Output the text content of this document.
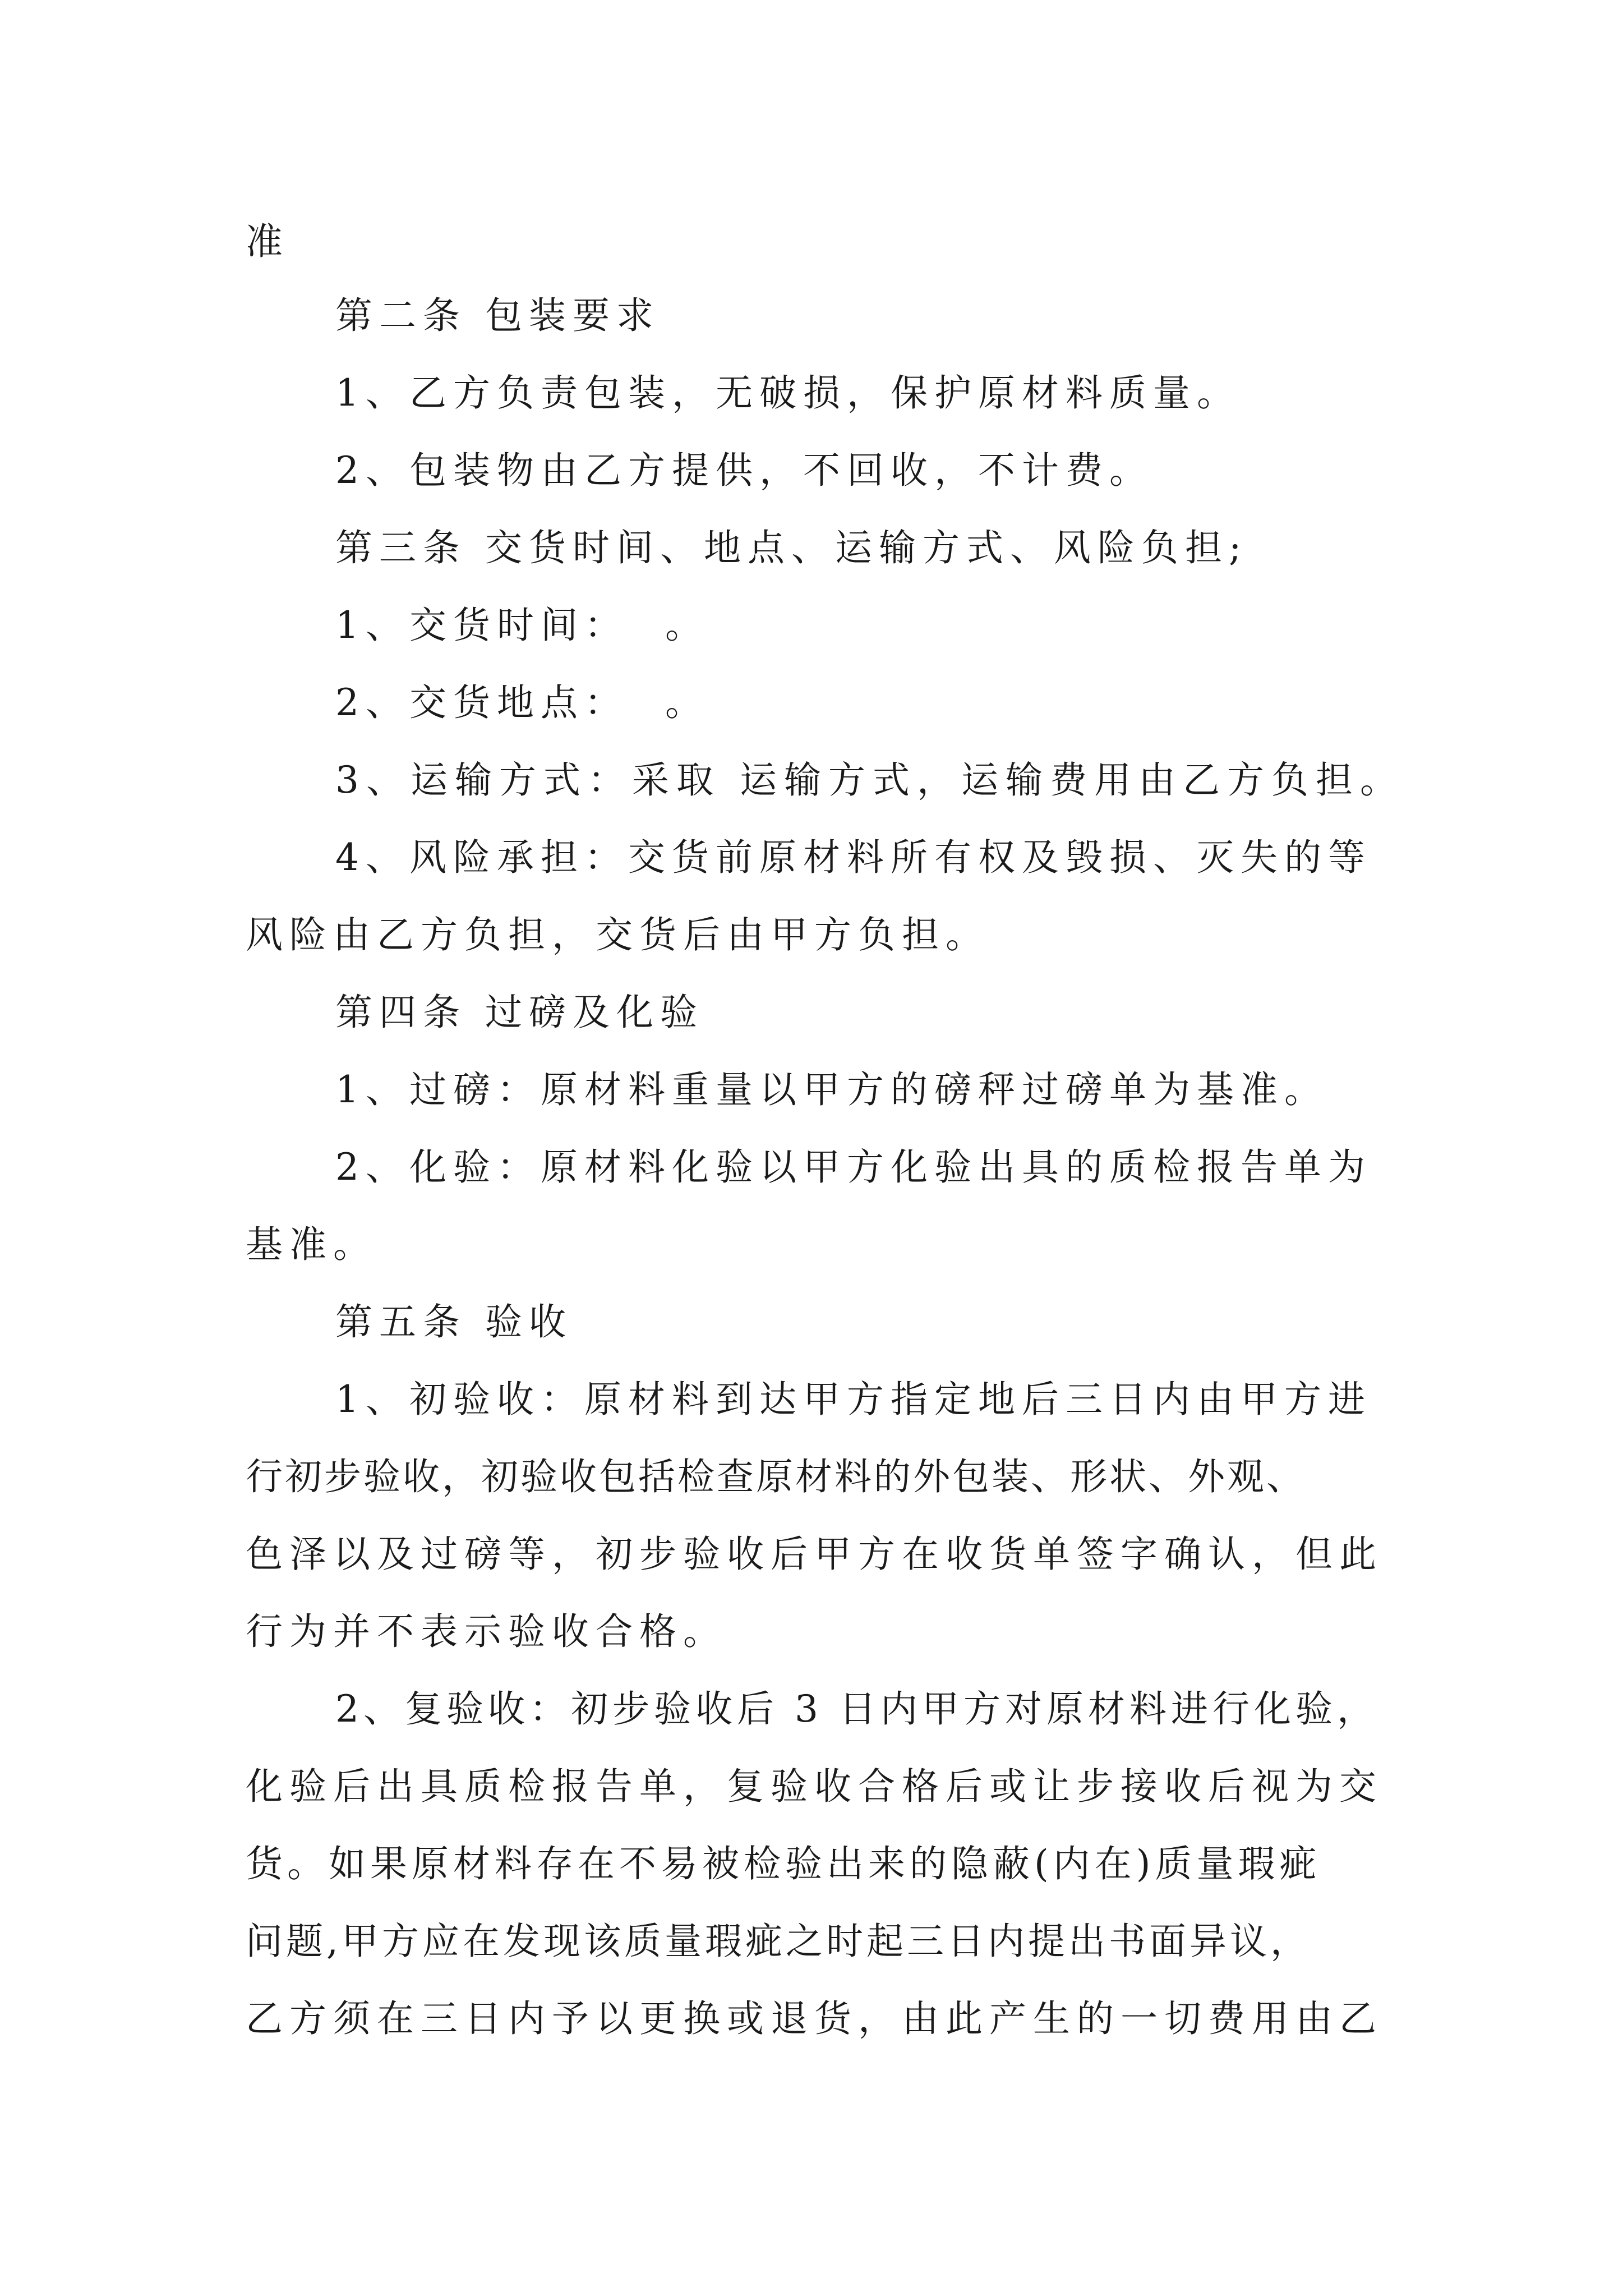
准
第二条 包装要求
1、乙方负责包装，无破损，保护原材料质量。
2、包装物由乙方提供，不回收，不计费。
第三条 交货时间、地点、运输方式、风险负担;
1、交货时间：  。
2、交货地点：  。
3、运输方式：采取 运输方式，运输费用由乙方负担。
4、风险承担：交货前原材料所有权及毁损、灭失的等
风险由乙方负担，交货后由甲方负担。
第四条 过磅及化验
1、过磅：原材料重量以甲方的磅秤过磅单为基准。
2、化验：原材料化验以甲方化验出具的质检报告单为
基准。
第五条 验收
1、初验收：原材料到达甲方指定地后三日内由甲方进
行初步验收，初验收包括检查原材料的外包装、形状、外观、
色泽以及过磅等，初步验收后甲方在收货单签字确认，但此
行为并不表示验收合格。
2、复验收：初步验收后 3 日内甲方对原材料进行化验，
化验后出具质检报告单，复验收合格后或让步接收后视为交
货。如果原材料存在不易被检验出来的隐蔽(内在)质量瑕疵
问题,甲方应在发现该质量瑕疵之时起三日内提出书面异议，
乙方须在三日内予以更换或退货，由此产生的一切费用由乙
